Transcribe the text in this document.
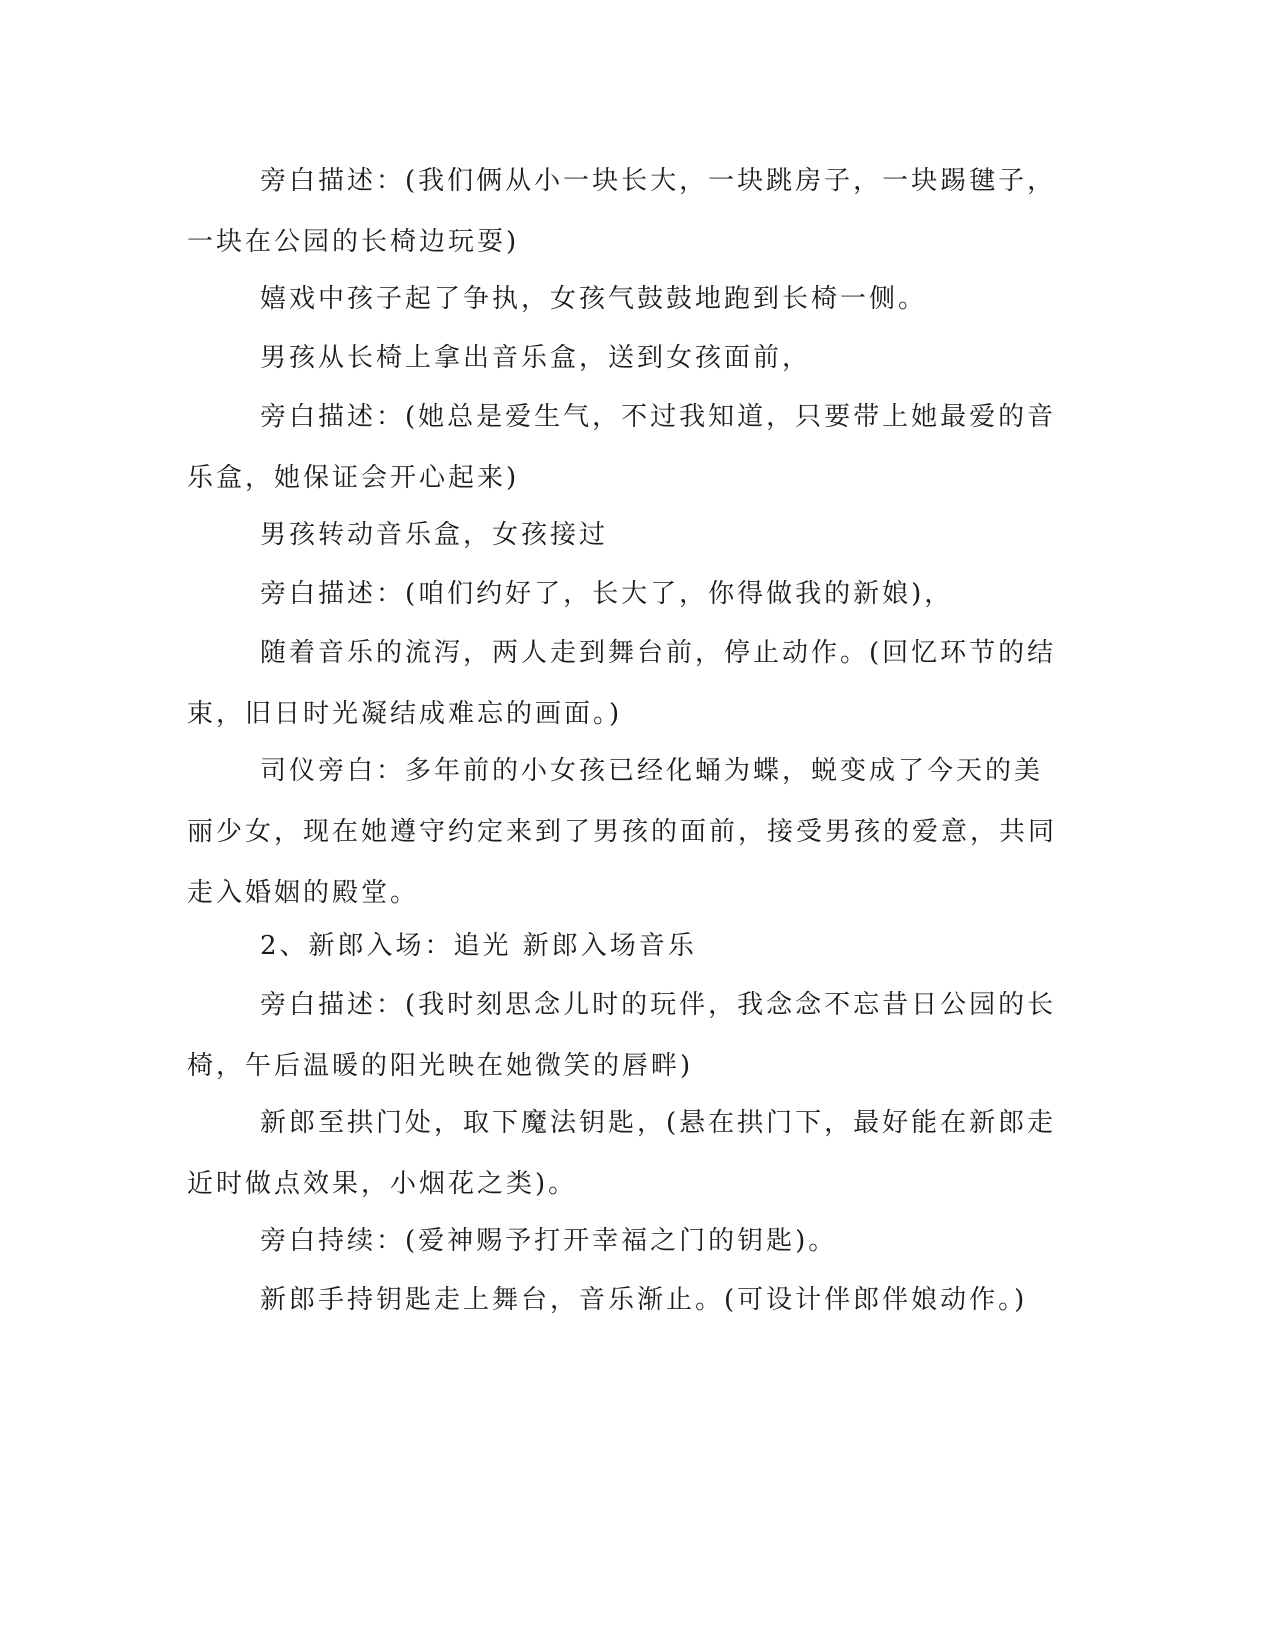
旁白描述：(我们俩从小一块长大，一块跳房子，一块踢毽子，一块在公园的长椅边玩耍)

嬉戏中孩子起了争执，女孩气鼓鼓地跑到长椅一侧。

男孩从长椅上拿出音乐盒，送到女孩面前，

旁白描述：(她总是爱生气，不过我知道，只要带上她最爱的音乐盒，她保证会开心起来)

男孩转动音乐盒，女孩接过

旁白描述：(咱们约好了，长大了，你得做我的新娘)，

随着音乐的流泻，两人走到舞台前，停止动作。(回忆环节的结束，旧日时光凝结成难忘的画面。)

司仪旁白：多年前的小女孩已经化蛹为蝶，蜕变成了今天的美丽少女，现在她遵守约定来到了男孩的面前，接受男孩的爱意，共同走入婚姻的殿堂。

2、新郎入场：追光 新郎入场音乐

旁白描述：(我时刻思念儿时的玩伴，我念念不忘昔日公园的长椅，午后温暖的阳光映在她微笑的唇畔)

新郎至拱门处，取下魔法钥匙，(悬在拱门下，最好能在新郎走近时做点效果，小烟花之类)。

旁白持续：(爱神赐予打开幸福之门的钥匙)。

新郎手持钥匙走上舞台，音乐渐止。(可设计伴郎伴娘动作。)
